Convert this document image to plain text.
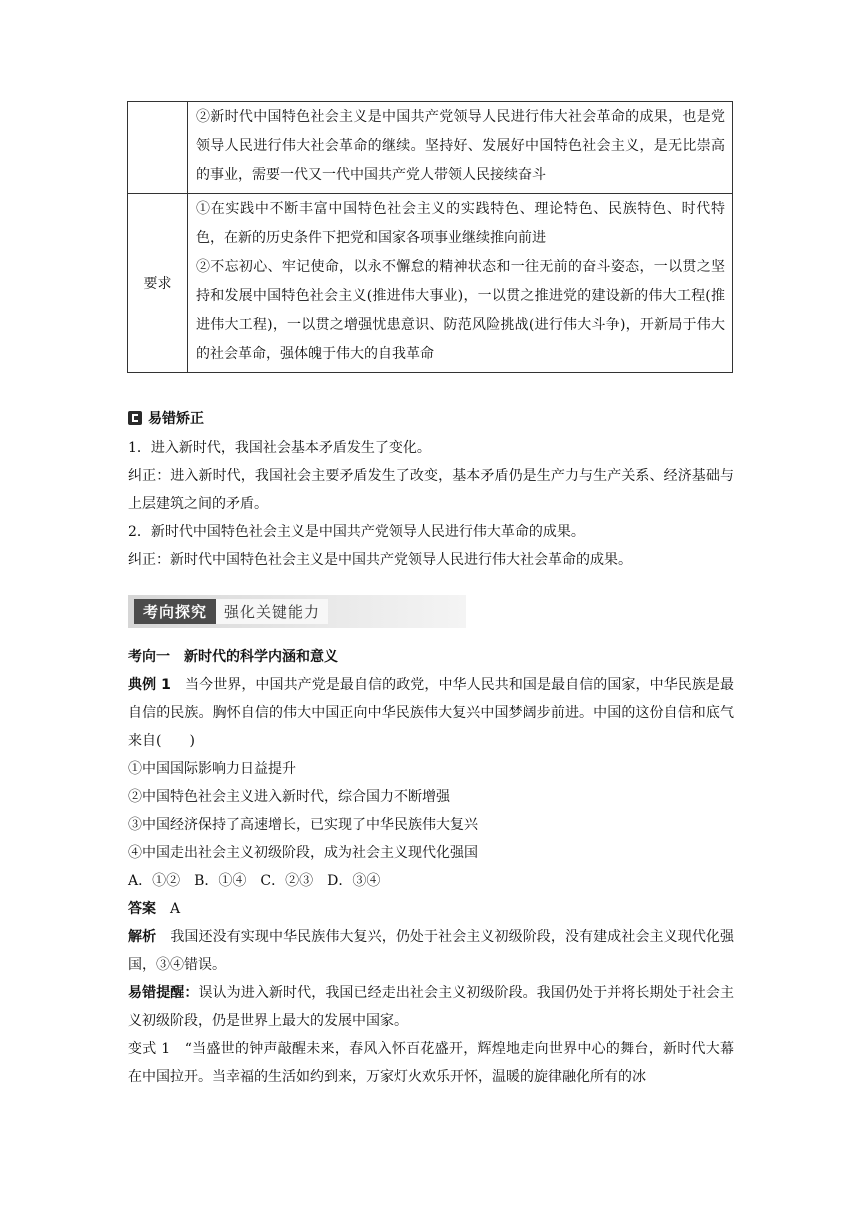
	②新时代中国特色社会主义是中国共产党领导人民进行伟大社会革命的成果，也是党领导人民进行伟大社会革命的继续。坚持好、发展好中国特色社会主义，是无比崇高的事业，需要一代又一代中国共产党人带领人民接续奋斗

要求	①在实践中不断丰富中国特色社会主义的实践特色、理论特色、民族特色、时代特色，在新的历史条件下把党和国家各项事业继续推向前进

②不忘初心、牢记使命，以永不懈怠的精神状态和一往无前的奋斗姿态，一以贯之坚持和发展中国特色社会主义(推进伟大事业)，一以贯之推进党的建设新的伟大工程(推进伟大工程)，一以贯之增强忧患意识、防范风险挑战(进行伟大斗争)，开新局于伟大的社会革命，强体魄于伟大的自我革命

易错矫正

1．进入新时代，我国社会基本矛盾发生了变化。

纠正：进入新时代，我国社会主要矛盾发生了改变，基本矛盾仍是生产力与生产关系、经济基础与上层建筑之间的矛盾。

2．新时代中国特色社会主义是中国共产党领导人民进行伟大革命的成果。

纠正：新时代中国特色社会主义是中国共产党领导人民进行伟大社会革命的成果。

考向探究	强化关键能力

考向一　新时代的科学内涵和意义

典例 1　 当今世界，中国共产党是最自信的政党，中华人民共和国是最自信的国家，中华民族是最自信的民族。胸怀自信的伟大中国正向中华民族伟大复兴中国梦阔步前进。中国的这份自信和底气来自(　　)

①中国国际影响力日益提升

②中国特色社会主义进入新时代，综合国力不断增强

③中国经济保持了高速增长，已实现了中华民族伟大复兴

④中国走出社会主义初级阶段，成为社会主义现代化强国

A．①②　B．①④　C．②③　D．③④

答案　 A

解析　 我国还没有实现中华民族伟大复兴，仍处于社会主义初级阶段，没有建成社会主义现代化强国，③④错误。

易错提醒：误认为进入新时代，我国已经走出社会主义初级阶段。我国仍处于并将长期处于社会主义初级阶段，仍是世界上最大的发展中国家。

变式 1　 “当盛世的钟声敲醒未来，春风入怀百花盛开，辉煌地走向世界中心的舞台，新时代大幕在中国拉开。当幸福的生活如约到来，万家灯火欢乐开怀，温暖的旋律融化所有的冰
